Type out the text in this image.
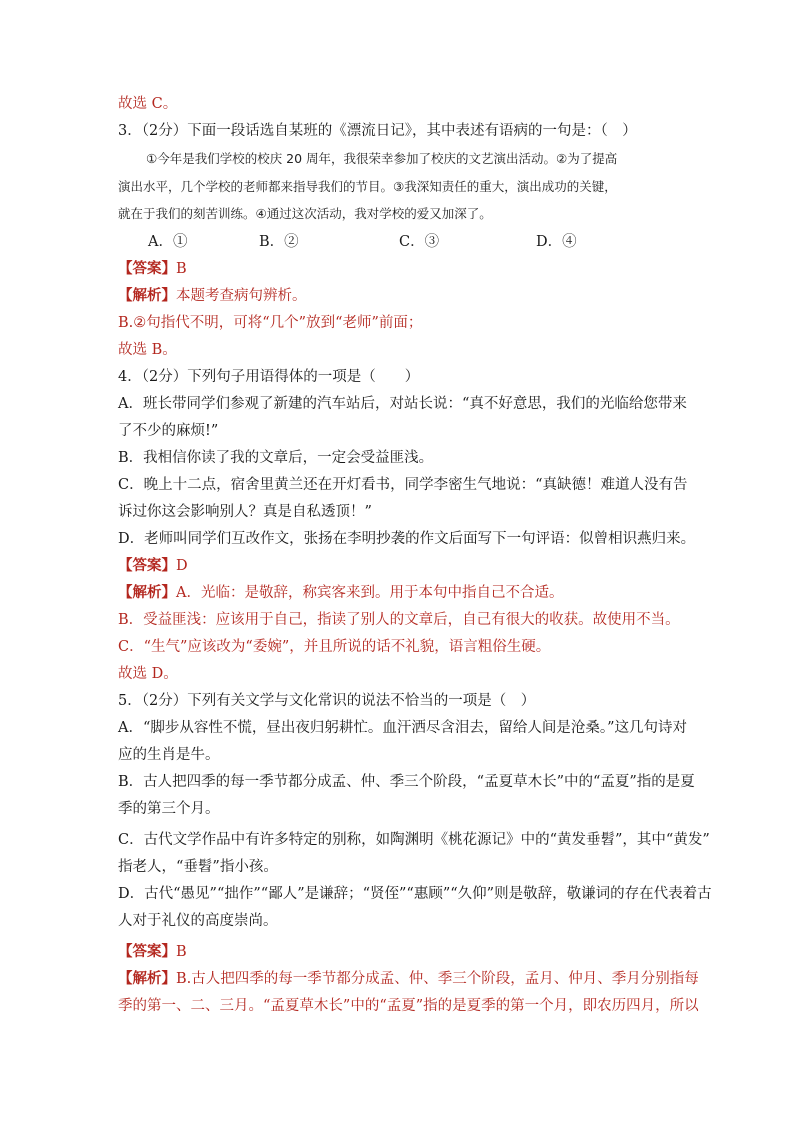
故选 C。
3．（2分）下面一段话选自某班的《漂流日记》，其中表述有语病的一句是：（　）
①今年是我们学校的校庆 20 周年，我很荣幸参加了校庆的文艺演出活动。②为了提高
演出水平，几个学校的老师都来指导我们的节目。③我深知责任的重大，演出成功的关键，
就在于我们的刻苦训练。④通过这次活动，我对学校的爱又加深了。
A．①	B．②	C．③	D．④
【答案】B
【解析】本题考查病句辨析。
B.②句指代不明，可将“几个”放到“老师”前面；
故选 B。
4．（2分）下列句子用语得体的一项是（　　）
A．班长带同学们参观了新建的汽车站后，对站长说：“真不好意思，我们的光临给您带来
了不少的麻烦!”
B．我相信你读了我的文章后，一定会受益匪浅。
C．晚上十二点，宿舍里黄兰还在开灯看书，同学李密生气地说：“真缺德！难道人没有告
诉过你这会影响别人？真是自私透顶！”
D．老师叫同学们互改作文，张扬在李明抄袭的作文后面写下一句评语：似曾相识燕归来。
【答案】D
【解析】A．光临：是敬辞，称宾客来到。用于本句中指自己不合适。
B．受益匪浅：应该用于自己，指读了别人的文章后，自己有很大的收获。故使用不当。
C．“生气”应该改为“委婉”，并且所说的话不礼貌，语言粗俗生硬。
故选 D。
5．（2分）下列有关文学与文化常识的说法不恰当的一项是（　）
A．“脚步从容性不慌，昼出夜归躬耕忙。血汗洒尽含泪去，留给人间是沧桑。”这几句诗对
应的生肖是牛。
B．古人把四季的每一季节都分成孟、仲、季三个阶段，“孟夏草木长”中的“孟夏”指的是夏
季的第三个月。
C．古代文学作品中有许多特定的别称，如陶渊明《桃花源记》中的“黄发垂髫”，其中“黄发”
指老人，“垂髫”指小孩。
D．古代“愚见”“拙作”“鄙人”是谦辞；“贤侄”“惠顾”“久仰”则是敬辞，敬谦词的存在代表着古
人对于礼仪的高度崇尚。
【答案】B
【解析】B.古人把四季的每一季节都分成孟、仲、季三个阶段，孟月、仲月、季月分别指每
季的第一、二、三月。“孟夏草木长”中的“孟夏”指的是夏季的第一个月，即农历四月，所以
